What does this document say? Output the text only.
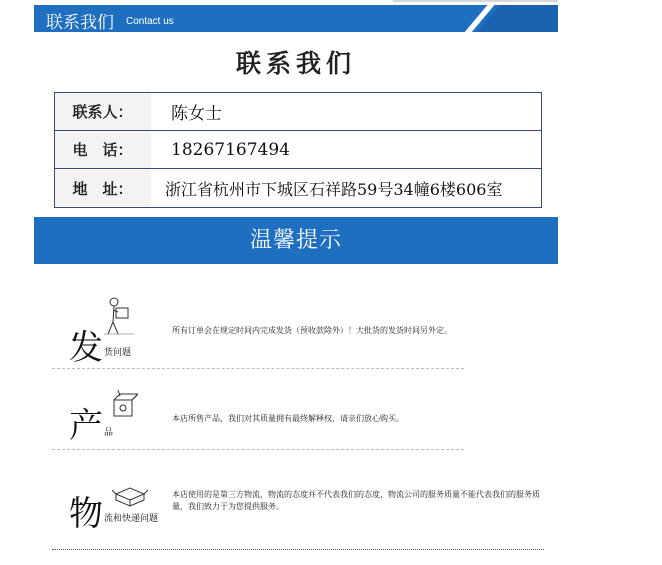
联系我们 Contact us
联系我们
联系人：	陈女士
电　话：	18267167494
地　址：	浙江省杭州市下城区石祥路59号34幢6楼606室
温馨提示
发 货问题
所有订单会在规定时间内完成发货（预收款除外）！大批货的发货时间另外定。
产 品
本店所售产品，我们对其质量拥有最终解释权，请亲们放心购买。
物 流和快递问题
本店使用的是第三方物流，物流的态度并不代表我们的态度，物流公司的服务质量不能代表我们的服务质量，我们致力于为您提供服务。
